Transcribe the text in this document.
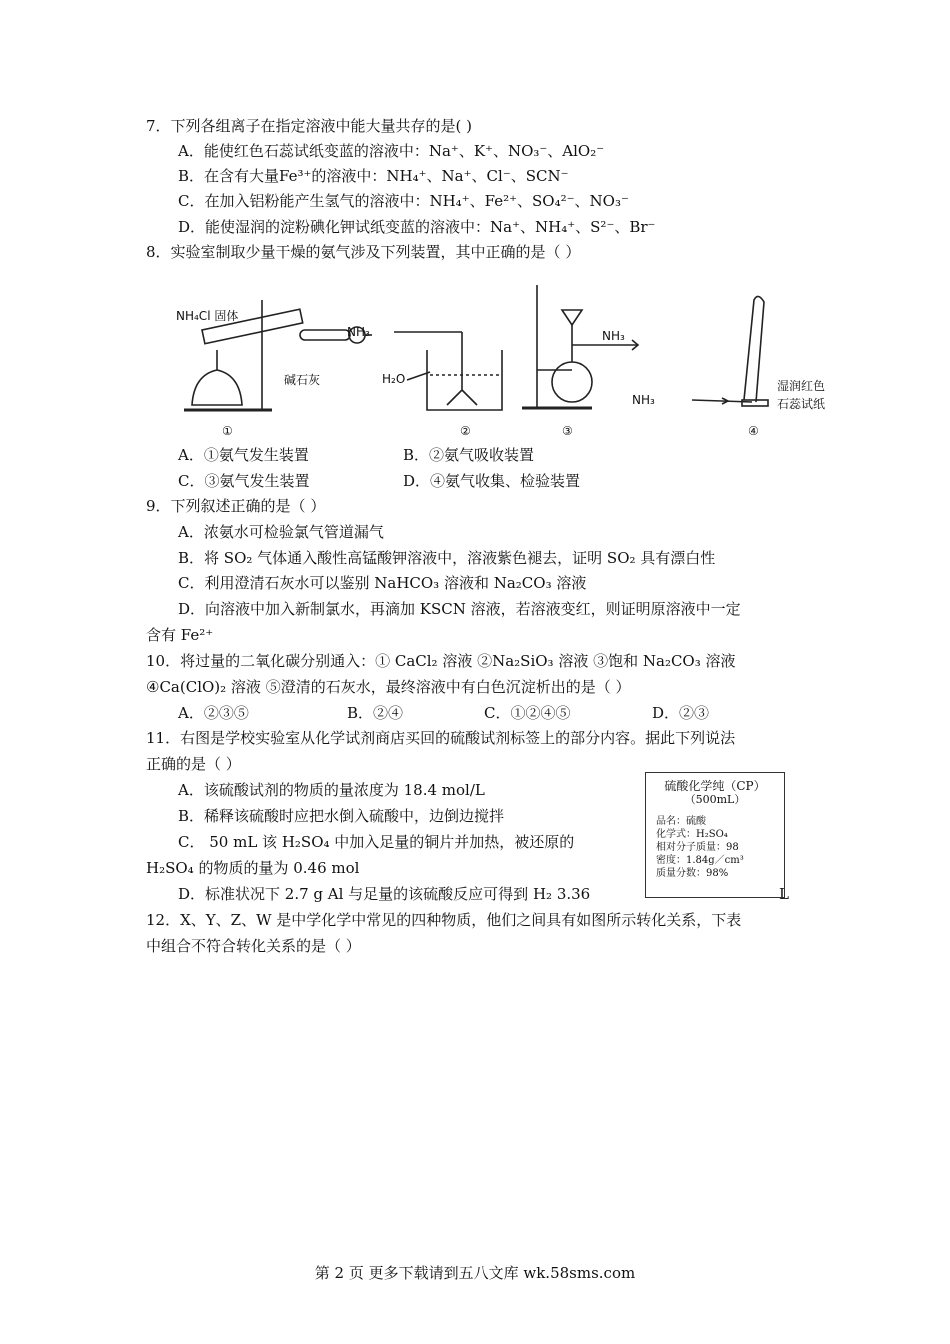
7．下列各组离子在指定溶液中能大量共存的是( )
A．能使红色石蕊试纸变蓝的溶液中：Na⁺、K⁺、NO₃⁻、AlO₂⁻
B．在含有大量Fe³⁺的溶液中：NH₄⁺、Na⁺、Cl⁻、SCN⁻
C．在加入铝粉能产生氢气的溶液中：NH₄⁺、Fe²⁺、SO₄²⁻、NO₃⁻
D．能使湿润的淀粉碘化钾试纸变蓝的溶液中：Na⁺、NH₄⁺、S²⁻、Br⁻
8．实验室制取少量干燥的氨气涉及下列装置，其中正确的是（ ）
NH₄Cl 固体
碱石灰
NH₃
H₂O
NH₃
NH₃
湿润红色
石蕊试纸
①	②	③	④
A．①氨气发生装置	B．②氨气吸收装置
C．③氨气发生装置	D．④氨气收集、检验装置
9．下列叙述正确的是（ ）
A．浓氨水可检验氯气管道漏气
B．将 SO₂ 气体通入酸性高锰酸钾溶液中，溶液紫色褪去，证明 SO₂ 具有漂白性
C．利用澄清石灰水可以鉴别 NaHCO₃ 溶液和 Na₂CO₃ 溶液
D．向溶液中加入新制氯水，再滴加 KSCN 溶液，若溶液变红，则证明原溶液中一定
含有 Fe²⁺
10．将过量的二氧化碳分别通入：① CaCl₂ 溶液 ②Na₂SiO₃ 溶液 ③饱和 Na₂CO₃ 溶液
④Ca(ClO)₂ 溶液 ⑤澄清的石灰水，最终溶液中有白色沉淀析出的是（ ）
A．②③⑤	B．②④	C．①②④⑤	D．②③
11．右图是学校实验室从化学试剂商店买回的硫酸试剂标签上的部分内容。据此下列说法
正确的是（ ）
A．该硫酸试剂的物质的量浓度为 18.4 mol/L
B．稀释该硫酸时应把水倒入硫酸中，边倒边搅拌
C． 50 mL 该 H₂SO₄ 中加入足量的铜片并加热，被还原的
H₂SO₄ 的物质的量为 0.46 mol
D．标准状况下 2.7 g Al 与足量的该硫酸反应可得到 H₂ 3.36	L
硫酸化学纯（CP）
（500mL）
品名：硫酸
化学式：H₂SO₄
相对分子质量：98
密度：1.84g／cm³
质量分数：98%
12．X、Y、Z、W 是中学化学中常见的四种物质，他们之间具有如图所示转化关系，下表
中组合不符合转化关系的是（ ）
第 2 页 更多下载请到五八文库 wk.58sms.com
